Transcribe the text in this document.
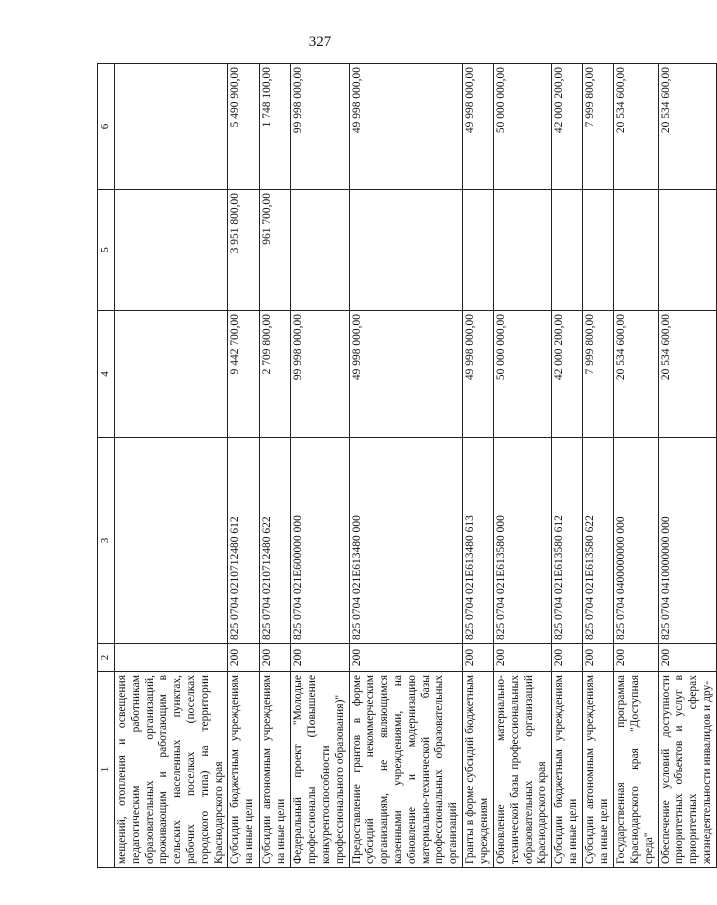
327
1	2	3	4	5	6
мещений, отопления и освещения педагогическим работникам образовательных организаций, проживающим и работающим в сельских населенных пунктах, рабочих поселках (поселках городского типа) на территории Краснодарского края					
Субсидии бюджетным учреждениям на иные цели	200	825 0704 0210712480 612	9 442 700,00	3 951 800,00	5 490 900,00
Субсидии автономным учреждениям на иные цели	200	825 0704 0210712480 622	2 709 800,00	961 700,00	1 748 100,00
Федеральный проект "Молодые профессионалы (Повышение конкурентоспособности профессионального образования)"	200	825 0704 021E600000 000	99 998 000,00		99 998 000,00
Предоставление грантов в форме субсидий некоммерческим организациям, не являющимся казенными учреждениями, на обновление и модернизацию материально-технической базы профессиональных образовательных организаций	200	825 0704 021E613480 000	49 998 000,00		49 998 000,00
Гранты в форме субсидий бюджетным учреждениям	200	825 0704 021E613480 613	49 998 000,00		49 998 000,00
Обновление материально-технической базы профессиональных образовательных организаций Краснодарского края	200	825 0704 021E613580 000	50 000 000,00		50 000 000,00
Субсидии бюджетным учреждениям на иные цели	200	825 0704 021E613580 612	42 000 200,00		42 000 200,00
Субсидии автономным учреждениям на иные цели	200	825 0704 021E613580 622	7 999 800,00		7 999 800,00
Государственная программа Краснодарского края "Доступная среда"	200	825 0704 0400000000 000	20 534 600,00		20 534 600,00
Обеспечение условий доступности приоритетных объектов и услуг в приоритетных сферах жизнедеятельности инвалидов и дру-	200	825 0704 0410000000 000	20 534 600,00		20 534 600,00
